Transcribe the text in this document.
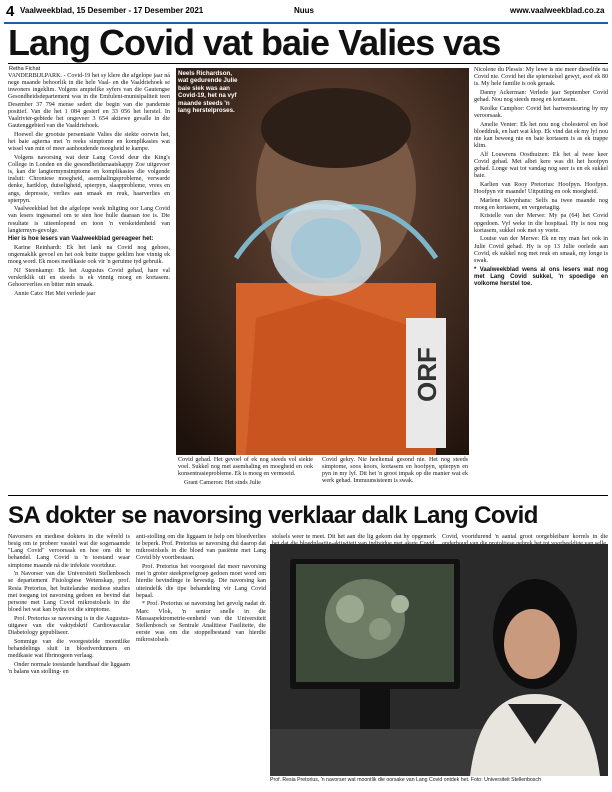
4 Vaalweekblad, 15 Desember - 17 Desember 2021	Nuus	www.vaalweekblad.co.za
Lang Covid vat baie Valies vas
Retha Fichat

VANDERBIJLPARK. - Covid-19 het sy klere die afgelope jaar ná nege maande behoorlik in die hele Vaal- en die Vaaldriehoek se inwoners ingeklim. Volgens amptelike syfers van die Gautengse Gesondheidsdepartement was in die Emfuleni-munisipaliteit teen Desember 37 794 mense sedert die begin van die pandemie positief. Van die het 1 084 gesterf en 33 056 het herstel. In Vaalrivier-gebiede het ongeveer 3 654 aktiewe gevalle in die Gautenggebied van die Vaaldriehoek.

Hoewel die grootste persentasie Valies die siekte oorwin het, het baie agterna met 'n reeks simptome en komplikasies wat wissel van min of meer aanhoudende moegheid te kampe.

Volgens navorsing wat deur Lang Covid deur die King's College in Londen en die gesondheidsmaatskappy Zoe uitgevoer is, kan die langtermynsimptome en komplikasies die volgende insluit: Chroniese moegheid, asemhalingsprobleme, verwarde denke, hartklop, duiseligheid, spierpyn, slaapprobleme, vrees en angs, depressie, verlies aan smaak en reuk, haarverlies en spierpyn.

Vaalweekblad het die afgelope week inligting oor Lang Covid van lesers ingesamel om te sien hoe hulle daaraan toe is. Die resultate is uiteenlopend en toon 'n verskeidenheid van langtermyn-gevolge.

Hier is hoe lesers van Vaalweekblad gereageer het:

Karine Reinhardt: Ek het lank na Covid nog gehoes, ongemaklik gevoel en het ook buite trappe geklim hoe vinnig ek moeg word. Ek moes medikasie ook vir 'n geruime tyd gebruik.

NJ Steenkamp: Ek het Augustus Covid gehad, hare val verskriklik uit en steeds is ek vinnig moeg en kortasem. Gehoorverlies en bitter min smaak.

Annie Cato: Het Mei verlede jaar

ORF
Neels Richardson, wat gedurende Julie baie siek was aan Covid-19, het na vyf maande steeds 'n lang herstelproses.

Covid gehad. Het gevoel of ek nog steeds vol siekte voel. Sukkel nog met asemhaling en moegheid en ook konsentrasieprobleme. Ek is moeg en vermoeid.

Grant Cameron: Het sinds Julie

Covid gekry. Nie heeltemal gesond nie. Het nog steeds simptome, soos koors, kortasem en hoofpyn, spierpyn en pyn in my lyf. Dit het 'n groot impak op die manier wat ek werk gehad. Immuunsisteem is swak.

Nicolene du Plessis: My lewe is nie meer dieselfde na Covid nie. Covid het die spierstelsel gewyt, asof ek 80 is. My hele familie is ook geraak.

Danny Ackerman: Verlede jaar September Covid gehad. Nou nog steeds moeg en kortasem.

Keolke Camphor: Covid het hartversteuring by my veroorsaak.

Amelie Venter: Ek het nou nog cholesterol en hoë bloeddruk, en hart wat klop. Ek vind dat ek my lyf nou nie kan beweeg nie en baie kortasem is as ek trappe klim.

Alf Louwrens Oosthuizen: Ek het al twee keer Covid gehad. Met albei kere was dit het hoofpyn gehad. Longe wat tot vandag nog seer is en ek sukkel baie.

Karlien van Rooy Pretorius: Hoofpyn. Hoofpyn. Hoofpyn vir maande! Uitputting en ook moegheid.

Marlene Kleynhans: Selfs na twee maande nog moeg en kortasem, en vergeetagtig.

Kristelle van der Merwe: My pa (64) het Covid opgedoen. Vyf weke in die hospitaal. Hy is nou nog kortasem, sukkel ook met sy voete.

Louise van der Merwe: Ek en my man het ook in Julie Covid gehad. Hy is op 13 Julie oorlede aan Covid, ek sukkel nog met reuk en smaak, my longe is swak.

* Vaalweekblad wens al ons lesers wat nog met Lang Covid sukkel, 'n spoedige en volkome herstel toe.

SA dokter se navorsing verklaar dalk Lang Covid

Navorsers en mediese dokters in die wêreld is besig om te probeer vasstel wat die sogenaamde "Lang Covid" veroorsaak en hoe om dit te behandel. Lang Covid is 'n toestand waar simptome maande ná die infeksie voortduur.

'n Navorser van die Universiteit Stellenbosch se departement Fisiologiese Wetenskap, prof. Resia Pretorius, het buitelandse mediese studies met toegang tot navorsing gedoen en bevind dat persone met Lang Covid mikrostolsels in die bloed het wat kan bydra tot die simptome.

Prof. Pretorius se navorsing is in die Augustus-uitgawe van die vaktydskrif Cardiovascular Diabetology gepubliseer.

Sommige van die voorgestelde moontlike behandelings sluit in bloedverdunners en medikasie wat fibrinogeen verlaag.

Onder normale toestande handhaaf die liggaam 'n balans van stolling- en

anti-stolling om die liggaam te help om bloedverlies te beperk. Prof. Pretorius se navorsing dui daarop dat mikrostolsels in die bloed van pasiënte met Lang Covid bly voortbestaan.

Prof. Pretorius het voorgestel dat meer navorsing met 'n groter steekproefgroep gedoen moet word om hierdie bevindinge te bevestig. Die navorsing kan uiteindelik die tipe behandeling vir Lang Covid bepaal.

* Prof. Pretorius se navorsing het gevolg nadat dr. Marc Vlok, 'n senior snelle in die Massaspektrometrie-eenheid van die Universiteit Stellenbosch se Sentrale Analitiese Fasiliteite, die eerste was om die stoppelbestand van hierdie mikrostolsels

stolsels weer te meet. Dit het aan die lig gekom dat hy opgemerk Covid, voortdurend 'n aantal groot oorgebleibare korrels in die

Prof. Resia Pretorius, 'n navorser wat moontlik die oorsake van Lang Covid ontdek het. Foto: Universiteit Stellenbosch
